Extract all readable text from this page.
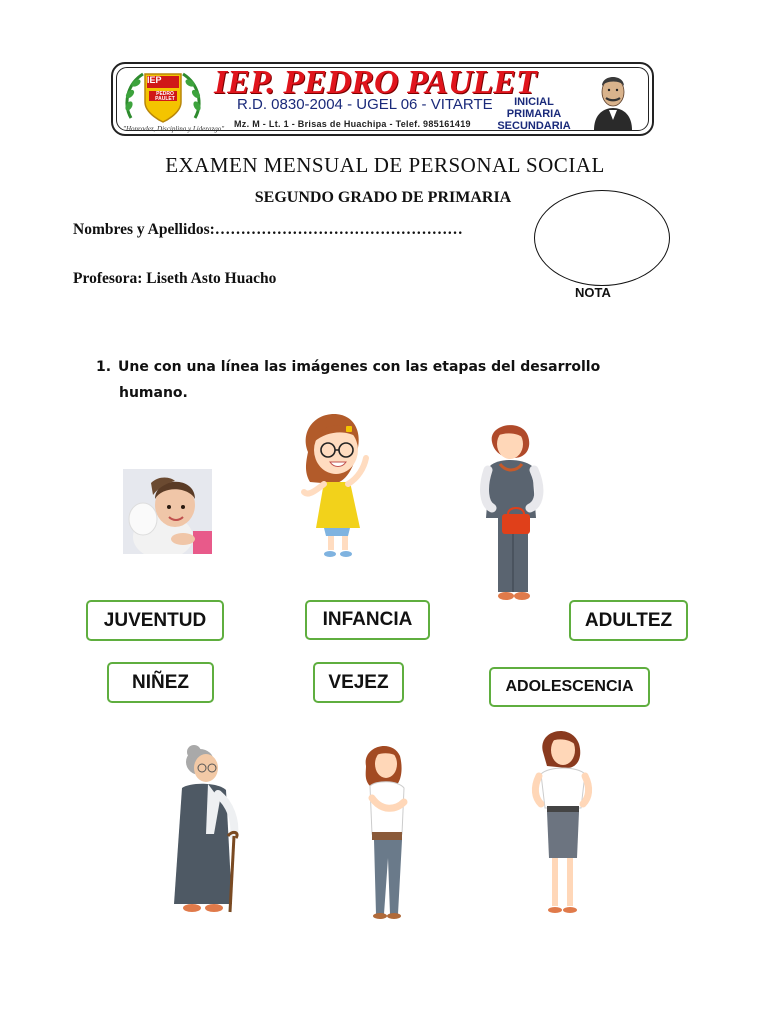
IEP
PEDRO PAULET
"Honradez, Disciplina y Liderazgo"
IEP. PEDRO PAULET
R.D. 0830-2004 - UGEL 06 - VITARTE
Mz. M - Lt. 1 - Brisas de Huachipa - Telef. 985161419
INICIAL
PRIMARIA
SECUNDARIA
EXAMEN MENSUAL DE PERSONAL SOCIAL
SEGUNDO GRADO DE PRIMARIA
Nombres y Apellidos:…………………………………………
Profesora: Liseth Asto Huacho
NOTA
1. Une con una línea las imágenes con las etapas del desarrollo
humano.
JUVENTUD	INFANCIA	ADULTEZ
NIÑEZ	VEJEZ	ADOLESCENCIA
